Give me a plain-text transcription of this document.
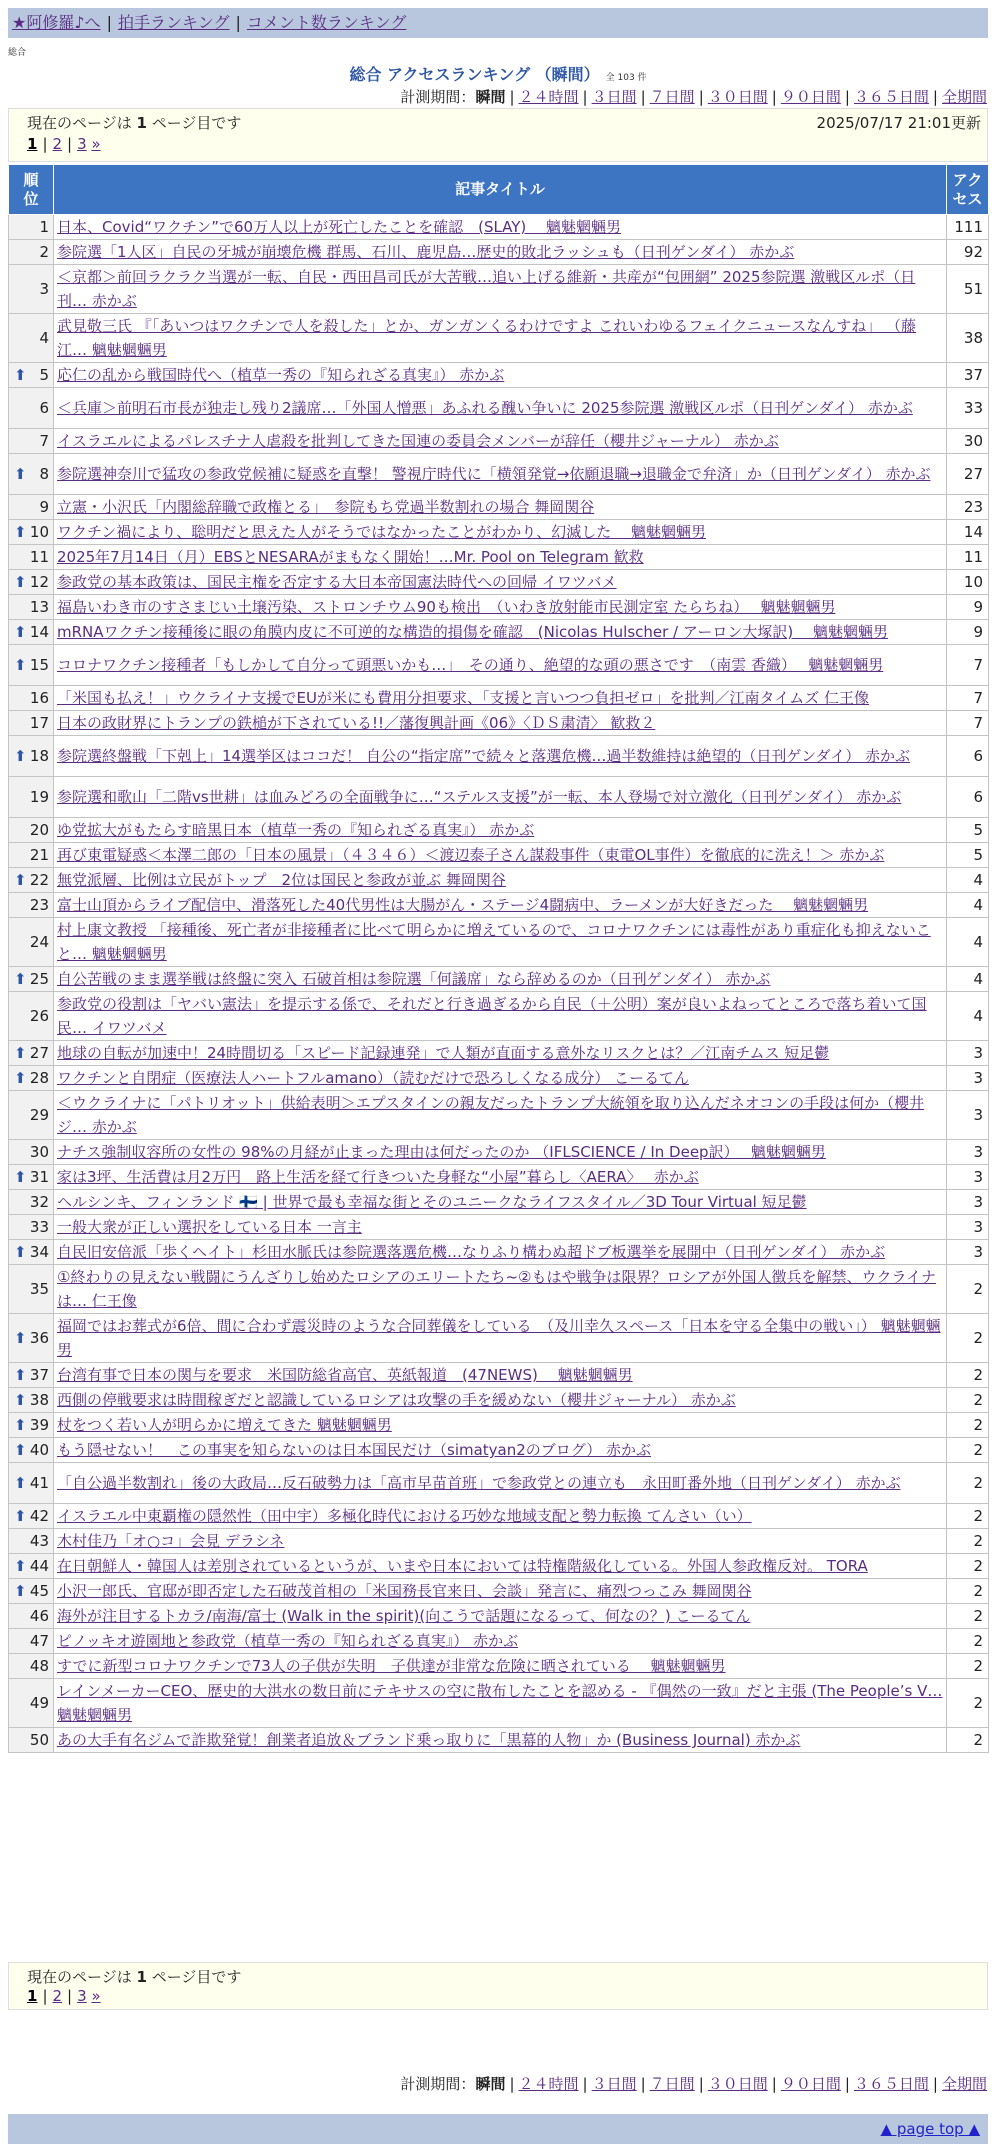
★阿修羅♪へ | 拍手ランキング | コメント数ランキング
総合
総合 アクセスランキング （瞬間） 全 103 件
計測期間：瞬間 | ２４時間 | ３日間 | ７日間 | ３０日間 | ９０日間 | ３６５日間 | 全期間
現在のページは 1 ページ目です	2025/07/17 21:01更新
1 | 2 | 3 »
順位	記事タイトル	アクセス
1	日本、Covid“ワクチン”で60万人以上が死亡したことを確認　(SLAY)　 魑魅魍魎男	111
2	参院選「1人区」自民の牙城が崩壊危機 群馬、石川、鹿児島…歴史的敗北ラッシュも（日刊ゲンダイ） 赤かぶ	92
3	＜京都＞前回ラクラク当選が一転、自民・西田昌司氏が大苦戦…追い上げる維新・共産が“包囲網” 2025参院選 激戦区ルポ（日刊… 赤かぶ	51
4	武見敬三氏 『「あいつはワクチンで人を殺した」とか、ガンガンくるわけですよ これいわゆるフェイクニュースなんすね」 （藤江… 魑魅魍魎男	38

⬆ 5	応仁の乱から戦国時代へ（植草一秀の『知られざる真実』） 赤かぶ	37
6	＜兵庫＞前明石市長が独走し残り2議席…「外国人憎悪」あふれる醜い争いに 2025参院選 激戦区ルポ（日刊ゲンダイ） 赤かぶ	33
7	イスラエルによるパレスチナ人虐殺を批判してきた国連の委員会メンバーが辞任（櫻井ジャーナル） 赤かぶ	30

⬆ 8	参院選神奈川で猛攻の参政党候補に疑惑を直撃！ 警視庁時代に「横領発覚→依願退職→退職金で弁済」か（日刊ゲンダイ） 赤かぶ	27
9	立憲・小沢氏「内閣総辞職で政権とる」　参院もち党過半数割れの場合 舞岡関谷	23

⬆ 10	ワクチン禍により、聡明だと思えた人がそうではなかったことがわかり、幻滅した　 魑魅魍魎男	14
11	2025年7月14日（月）EBSとNESARAがまもなく開始！…Mr. Pool on Telegram 歓救	11

⬆ 12	参政党の基本政策は、国民主権を否定する大日本帝国憲法時代への回帰 イワツバメ	10
13	福島いわき市のすさまじい土壌汚染、ストロンチウム90も検出　（いわき放射能市民測定室 たらちね）　 魑魅魍魎男	9

⬆ 14	mRNAワクチン接種後に眼の角膜内皮に不可逆的な構造的損傷を確認　(Nicolas Hulscher / アーロン大塚訳)　 魑魅魍魎男	9

⬆ 15	コロナワクチン接種者「もしかして自分って頭悪いかも…」　その通り、絶望的な頭の悪さです　（南雲 香織）　 魑魅魍魎男	7
16	「米国も払え！」ウクライナ支援でEUが米にも費用分担要求、「支援と言いつつ負担ゼロ」を批判／江南タイムズ 仁王像	7
17	日本の政財界にトランプの鉄槌が下されている!!／藩復興計画《06》〈ＤＳ粛清〉 歓救２	7

⬆ 18	参院選終盤戦「下剋上」14選挙区はココだ！ 自公の“指定席”で続々と落選危機…過半数維持は絶望的（日刊ゲンダイ） 赤かぶ	6
19	参院選和歌山「二階vs世耕」は血みどろの全面戦争に…“ステルス支援”が一転、本人登場で対立激化（日刊ゲンダイ） 赤かぶ	6
20	ゆ党拡大がもたらす暗黒日本（植草一秀の『知られざる真実』） 赤かぶ	5
21	再び東電疑惑＜本澤二郎の「日本の風景」（４３４６）＜渡辺泰子さん謀殺事件（東電OL事件）を徹底的に洗え！＞ 赤かぶ	5

⬆ 22	無党派層、比例は立民がトップ　2位は国民と参政が並ぶ 舞岡関谷	4
23	富士山頂からライブ配信中、滑落死した40代男性は大腸がん・ステージ4闘病中、ラーメンが大好きだった　 魑魅魍魎男	4
24	村上康文教授 「接種後、死亡者が非接種者に比べて明らかに増えているので、コロナワクチンには毒性があり重症化も抑えないこと… 魑魅魍魎男	4

⬆ 25	自公苦戦のまま選挙戦は終盤に突入 石破首相は参院選「何議席」なら辞めるのか（日刊ゲンダイ） 赤かぶ	4
26	参政党の役割は「ヤバい憲法」を提示する係で、それだと行き過ぎるから自民（＋公明）案が良いよねってところで落ち着いて国民… イワツバメ	4

⬆ 27	地球の自転が加速中！24時間切る「スピード記録連発」で人類が直面する意外なリスクとは？／江南チムス 短足鬱	3

⬆ 28	ワクチンと自閉症（医療法人ハートフルamano）（読むだけで恐ろしくなる成分） こーるてん	3
29	＜ウクライナに「パトリオット」供給表明＞エプスタインの親友だったトランプ大統領を取り込んだネオコンの手段は何か（櫻井ジ… 赤かぶ	3
30	ナチス強制収容所の女性の 98%の月経が止まった理由は何だったのか （IFLSCIENCE / In Deep訳）　 魑魅魍魎男	3

⬆ 31	家は3坪、生活費は月2万円　路上生活を経て行きついた身軽な“小屋”暮らし〈AERA〉　 赤かぶ	3
32	ヘルシンキ、フィンランド 🇫🇮 | 世界で最も幸福な街とそのユニークなライフスタイル／3D Tour Virtual 短足鬱	3
33	一般大衆が正しい選択をしている日本 一言主	3

⬆ 34	自民旧安倍派「歩くヘイト」杉田水脈氏は参院選落選危機…なりふり構わぬ超ドブ板選挙を展開中（日刊ゲンダイ） 赤かぶ	3
35	①終わりの見えない戦闘にうんざりし始めたロシアのエリートたち~②もはや戦争は限界？ロシアが外国人徴兵を解禁、ウクライナは… 仁王像	2

⬆ 36	福岡ではお葬式が6倍、間に合わず震災時のような合同葬儀をしている　（及川幸久スペース「日本を守る全集中の戦い」） 魑魅魍魎男	2

⬆ 37	台湾有事で日本の関与を要求　米国防総省高官、英紙報道　(47NEWS)　 魑魅魍魎男	2

⬆ 38	西側の停戦要求は時間稼ぎだと認識しているロシアは攻撃の手を緩めない（櫻井ジャーナル） 赤かぶ	2

⬆ 39	杖をつく若い人が明らかに増えてきた 魑魅魍魎男	2

⬆ 40	もう隠せない！　この事実を知らないのは日本国民だけ（simatyan2のブログ） 赤かぶ	2

⬆ 41	「自公過半数割れ」後の大政局…反石破勢力は「高市早苗首班」で参政党との連立も　永田町番外地（日刊ゲンダイ） 赤かぶ	2

⬆ 42	イスラエル中東覇権の隠然性（田中宇）多極化時代における巧妙な地域支配と勢力転換 てんさい（い）	2
43	木村佳乃「オ○コ」会見 デラシネ	2

⬆ 44	在日朝鮮人・韓国人は差別されているというが、いまや日本においては特権階級化している。外国人参政権反対。 TORA	2

⬆ 45	小沢一郎氏、官邸が即否定した石破茂首相の「米国務長官来日、会談」発言に、痛烈つっこみ 舞岡関谷	2
46	海外が注目するトカラ/南海/富士 (Walk in the spirit)(向こうで話題になるって、何なの？) こーるてん	2
47	ピノッキオ遊園地と参政党（植草一秀の『知られざる真実』） 赤かぶ	2
48	すでに新型コロナワクチンで73人の子供が失明　子供達が非常な危険に晒されている　 魑魅魍魎男	2
49	レインメーカーCEO、歴史的大洪水の数日前にテキサスの空に散布したことを認める - 『偶然の一致』だと主張 (The People’s V… 魑魅魍魎男	2
50	あの大手有名ジムで詐欺発覚！創業者追放＆ブランド乗っ取りに「黒幕的人物」か (Business Journal) 赤かぶ	2
現在のページは 1 ページ目です
1 | 2 | 3 »
計測期間：瞬間 | ２４時間 | ３日間 | ７日間 | ３０日間 | ９０日間 | ３６５日間 | 全期間
▲ page top ▲
